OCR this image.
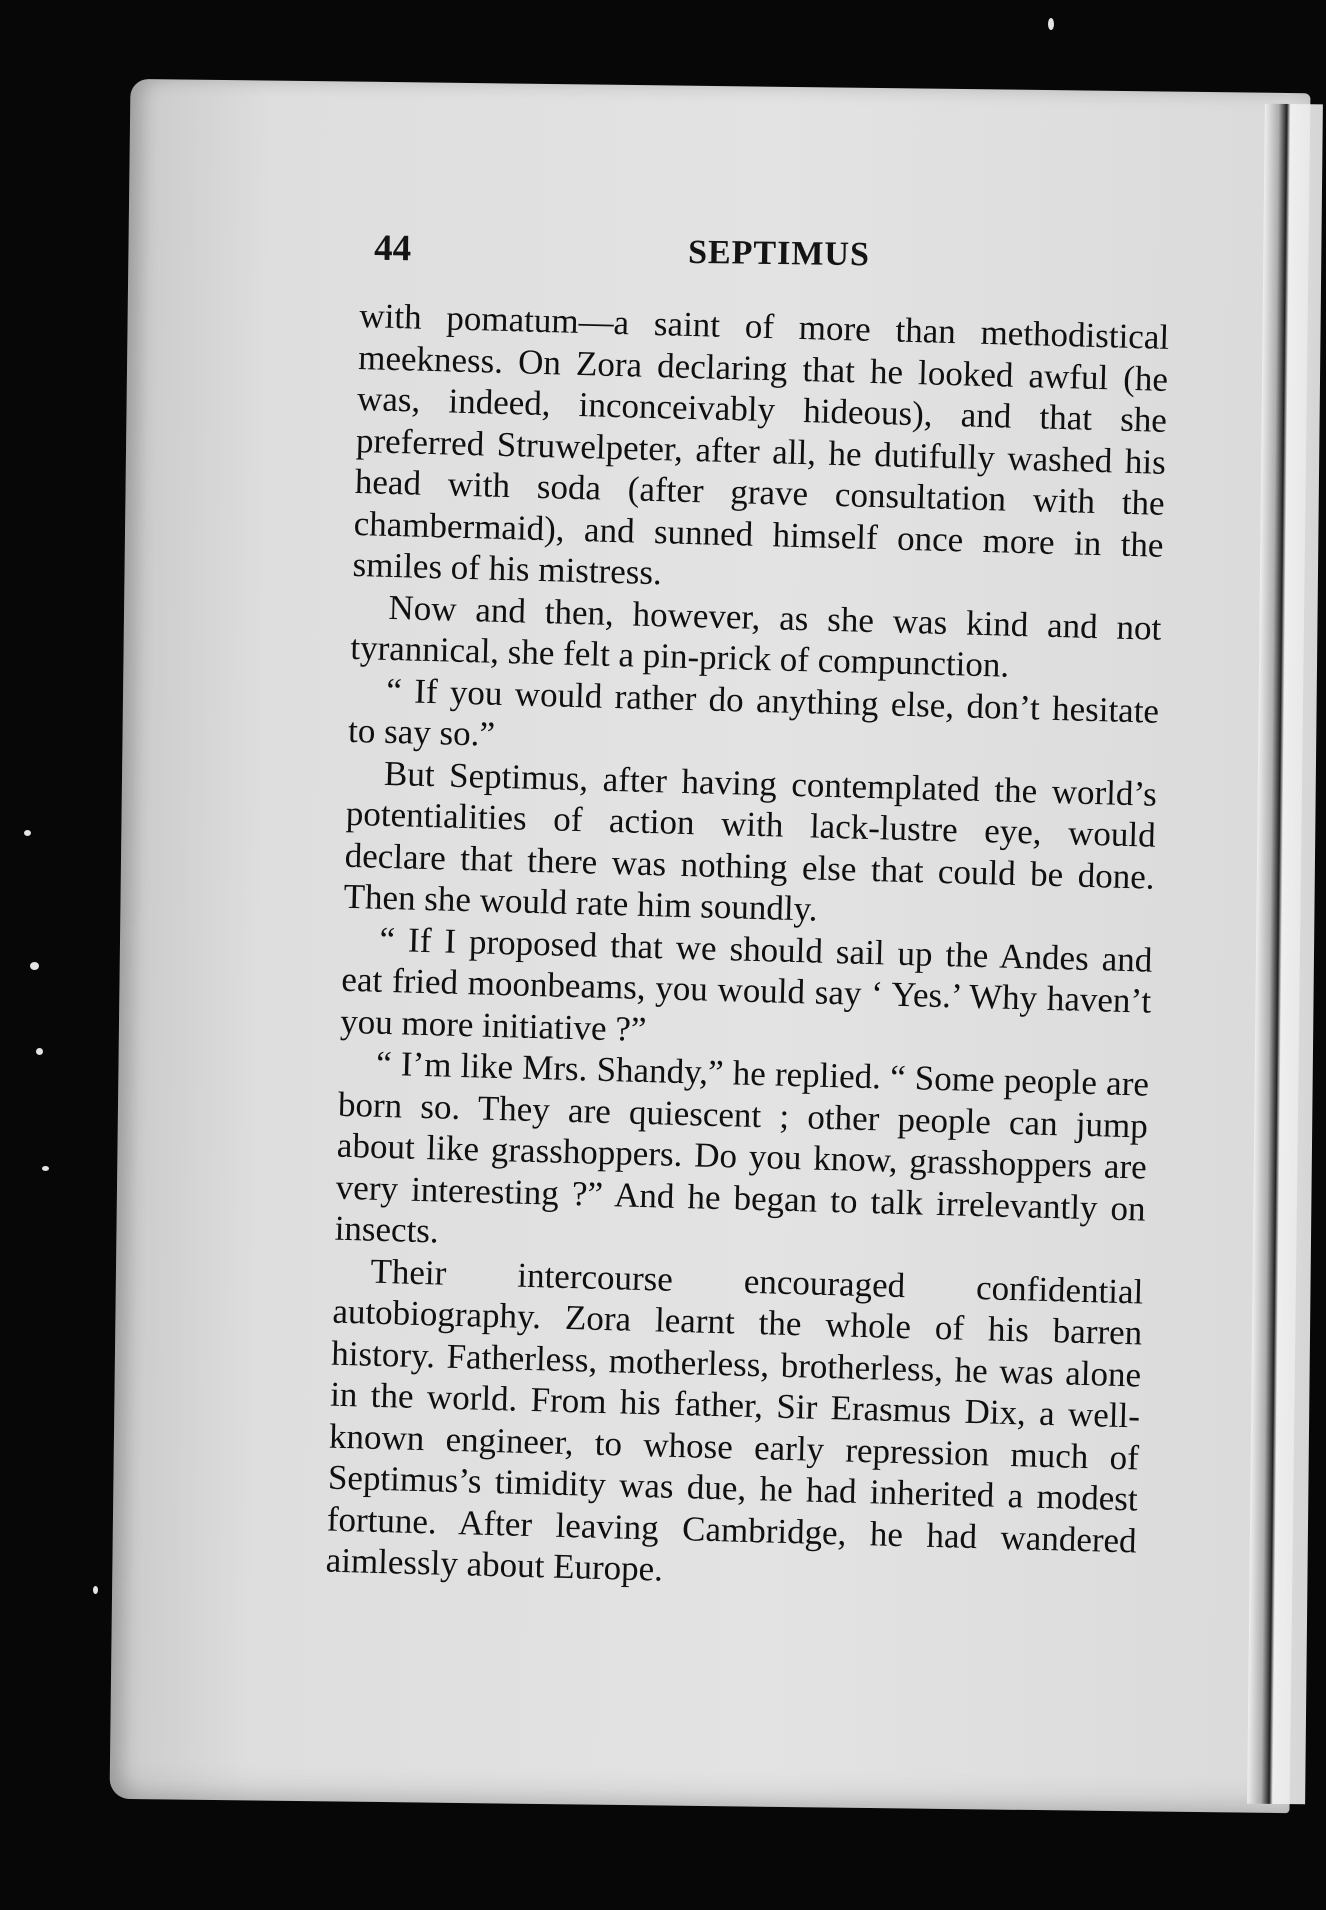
44	SEPTIMUS

with pomatum—a saint of more than methodistical meekness. On Zora declaring that he looked awful (he was, indeed, inconceivably hideous), and that she preferred Struwelpeter, after all, he dutifully washed his head with soda (after grave consultation with the chambermaid), and sunned himself once more in the smiles of his mistress.

Now and then, however, as she was kind and not tyrannical, she felt a pin-prick of compunction.

“ If you would rather do anything else, don’t hesitate to say so.”

But Septimus, after having contemplated the world’s potentialities of action with lack-lustre eye, would declare that there was nothing else that could be done. Then she would rate him soundly.

“ If I proposed that we should sail up the Andes and eat fried moonbeams, you would say ‘ Yes.’ Why haven’t you more initiative ?”

“ I’m like Mrs. Shandy,” he replied. “ Some people are born so. They are quiescent ; other people can jump about like grasshoppers. Do you know, grasshoppers are very interesting ?” And he began to talk irrelevantly on insects.

Their intercourse encouraged confidential autobiography. Zora learnt the whole of his barren history. Fatherless, motherless, brotherless, he was alone in the world. From his father, Sir Erasmus Dix, a well-known engineer, to whose early repression much of Septimus’s timidity was due, he had inherited a modest fortune. After leaving Cambridge, he had wandered aimlessly about Europe.
